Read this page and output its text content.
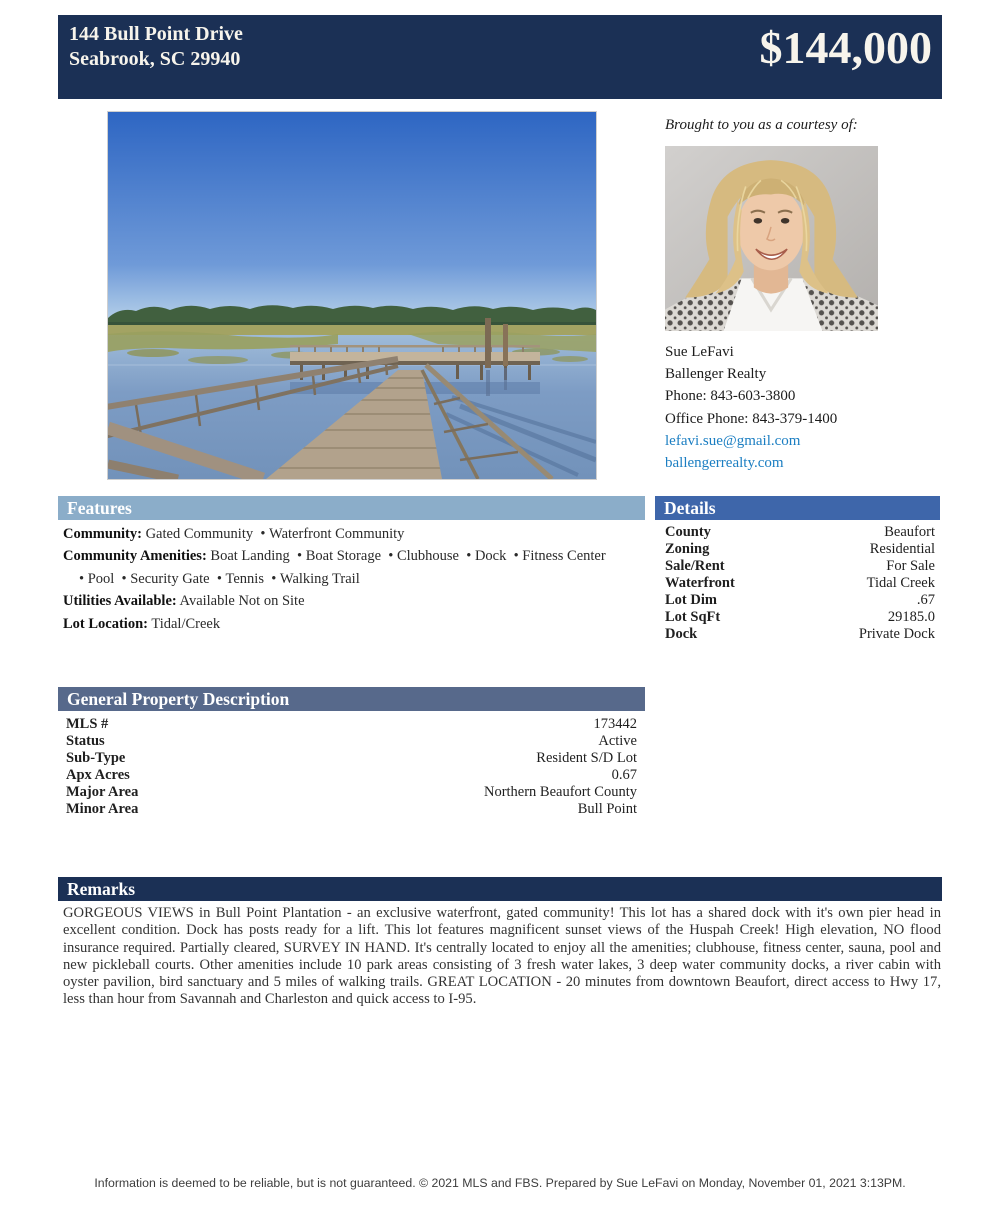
144 Bull Point Drive
Seabrook, SC 29940	$144,000
Brought to you as a courtesy of:
Sue LeFavi
Ballenger Realty
Phone: 843-603-3800
Office Phone: 843-379-1400
lefavi.sue@gmail.com
ballengerrealty.com
Features
Community: Gated Community • Waterfront Community
Community Amenities: Boat Landing • Boat Storage • Clubhouse • Dock • Fitness Center • Pool • Security Gate • Tennis • Walking Trail
Utilities Available: Available Not on Site
Lot Location: Tidal/Creek
Details
County	Beaufort
Zoning	Residential
Sale/Rent	For Sale
Waterfront	Tidal Creek
Lot Dim	.67
Lot SqFt	29185.0
Dock	Private Dock
General Property Description
MLS #	173442
Status	Active
Sub-Type	Resident S/D Lot
Apx Acres	0.67
Major Area	Northern Beaufort County
Minor Area	Bull Point
Remarks
GORGEOUS VIEWS in Bull Point Plantation - an exclusive waterfront, gated community! This lot has a shared dock with it's own pier head in excellent condition. Dock has posts ready for a lift. This lot features magnificent sunset views of the Huspah Creek! High elevation, NO flood insurance required. Partially cleared, SURVEY IN HAND. It's centrally located to enjoy all the amenities; clubhouse, fitness center, sauna, pool and new pickleball courts. Other amenities include 10 park areas consisting of 3 fresh water lakes, 3 deep water community docks, a river cabin with oyster pavilion, bird sanctuary and 5 miles of walking trails. GREAT LOCATION - 20 minutes from downtown Beaufort, direct access to Hwy 17, less than hour from Savannah and Charleston and quick access to I-95.
Information is deemed to be reliable, but is not guaranteed. © 2021 MLS and FBS. Prepared by Sue LeFavi on Monday, November 01, 2021 3:13PM.
